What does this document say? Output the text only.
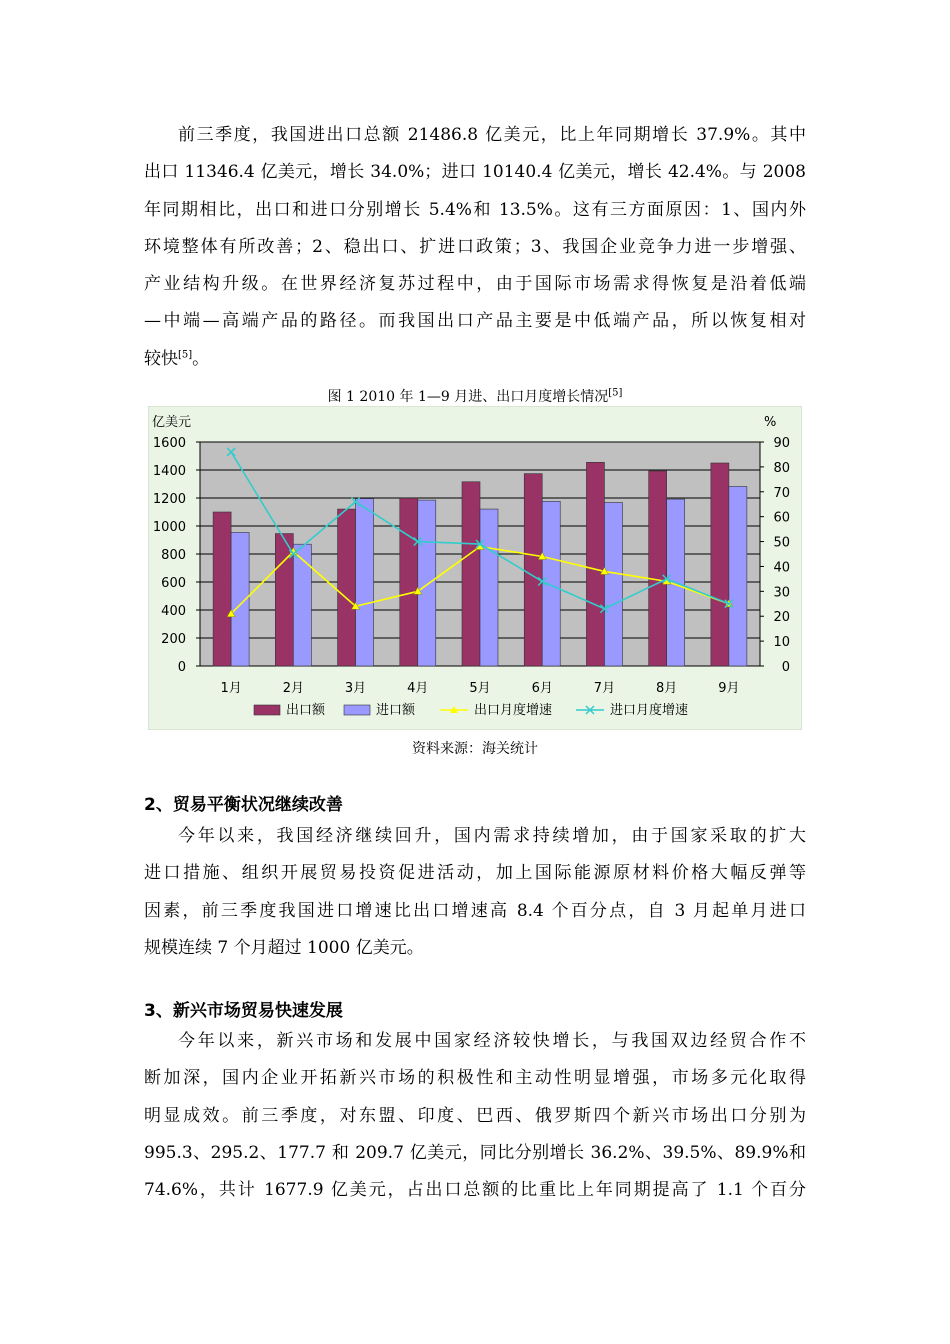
前三季度，我国进出口总额 21486.8 亿美元，比上年同期增长 37.9%。其中
出口 11346.4 亿美元，增长 34.0%；进口 10140.4 亿美元，增长 42.4%。与 2008
年同期相比，出口和进口分别增长 5.4%和 13.5%。这有三方面原因：1、国内外
环境整体有所改善；2、稳出口、扩进口政策；3、我国企业竞争力进一步增强、
产业结构升级。在世界经济复苏过程中，由于国际市场需求得恢复是沿着低端
—中端—高端产品的路径。而我国出口产品主要是中低端产品，所以恢复相对
较快[5]。

图 1 2010 年 1—9 月进、出口月度增长情况[5]

0
200
400
600
800
1000
1200
1400
1600
0
10
20
30
40
50
60
70
80
90
亿美元	%
1月	2月	3月	4月	5月	6月	7月	8月	9月
出口额	进口额	出口月度增速	进口月度增速

资料来源：海关统计

2、贸易平衡状况继续改善

今年以来，我国经济继续回升，国内需求持续增加，由于国家采取的扩大
进口措施、组织开展贸易投资促进活动，加上国际能源原材料价格大幅反弹等
因素，前三季度我国进口增速比出口增速高 8.4 个百分点，自 3 月起单月进口
规模连续 7 个月超过 1000 亿美元。

3、新兴市场贸易快速发展

今年以来，新兴市场和发展中国家经济较快增长，与我国双边经贸合作不
断加深，国内企业开拓新兴市场的积极性和主动性明显增强，市场多元化取得
明显成效。前三季度，对东盟、印度、巴西、俄罗斯四个新兴市场出口分别为
995.3、295.2、177.7 和 209.7 亿美元，同比分别增长 36.2%、39.5%、89.9%和
74.6%，共计 1677.9 亿美元，占出口总额的比重比上年同期提高了 1.1 个百分
